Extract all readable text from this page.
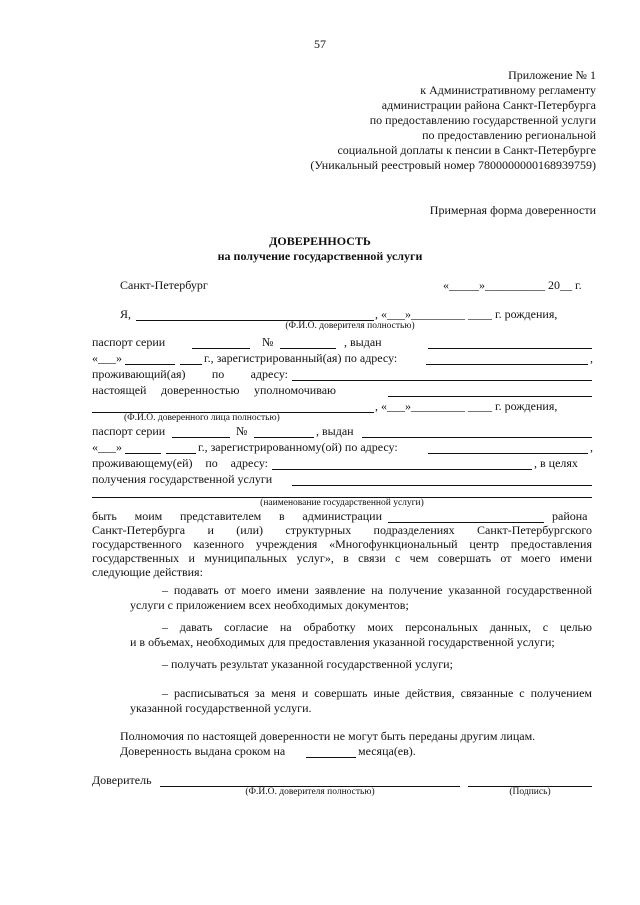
57
Приложение № 1
к Административному регламенту
администрации района Санкт-Петербурга
по предоставлению государственной услуги
по предоставлению региональной
социальной доплаты к пенсии в Санкт-Петербурге
(Уникальный реестровый номер 7800000000168939759)
Примерная форма доверенности
ДОВЕРЕННОСТЬ
на получение государственной услуги
Санкт-Петербург	«_____»__________ 20__ г.
Я,	, «___»_________ ____ г. рождения,
(Ф.И.О. доверителя полностью)
паспорт серии	№	, выдан
«___»	г., зарегистрированный(ая) по адресу:	,
проживающий(ая) по адресу:
настоящей доверенностью уполномочиваю
, «___»_________ ____ г. рождения,
(Ф.И.О. доверенного лица полностью)
паспорт серии	№	, выдан
«___»	г., зарегистрированному(ой) по адресу:	,
проживающему(ей) по адресу:	, в целях
получения государственной услуги
(наименование государственной услуги)
быть моим представителем в администрации	района
Санкт-Петербурга и (или) структурных подразделениях Санкт-Петербургского
государственного казенного учреждения «Многофункциональный центр предоставления
государственных и муниципальных услуг», в связи с чем совершать от моего имени
следующие действия:
– подавать от моего имени заявление на получение указанной государственной
услуги с приложением всех необходимых документов;
– давать согласие на обработку моих персональных данных, с целью
и в объемах, необходимых для предоставления указанной государственной услуги;
– получать результат указанной государственной услуги;
– расписываться за меня и совершать иные действия, связанные с получением
указанной государственной услуги.
Полномочия по настоящей доверенности не могут быть переданы другим лицам.
Доверенность выдана сроком на	месяца(ев).
Доверитель
(Ф.И.О. доверителя полностью)	(Подпись)
